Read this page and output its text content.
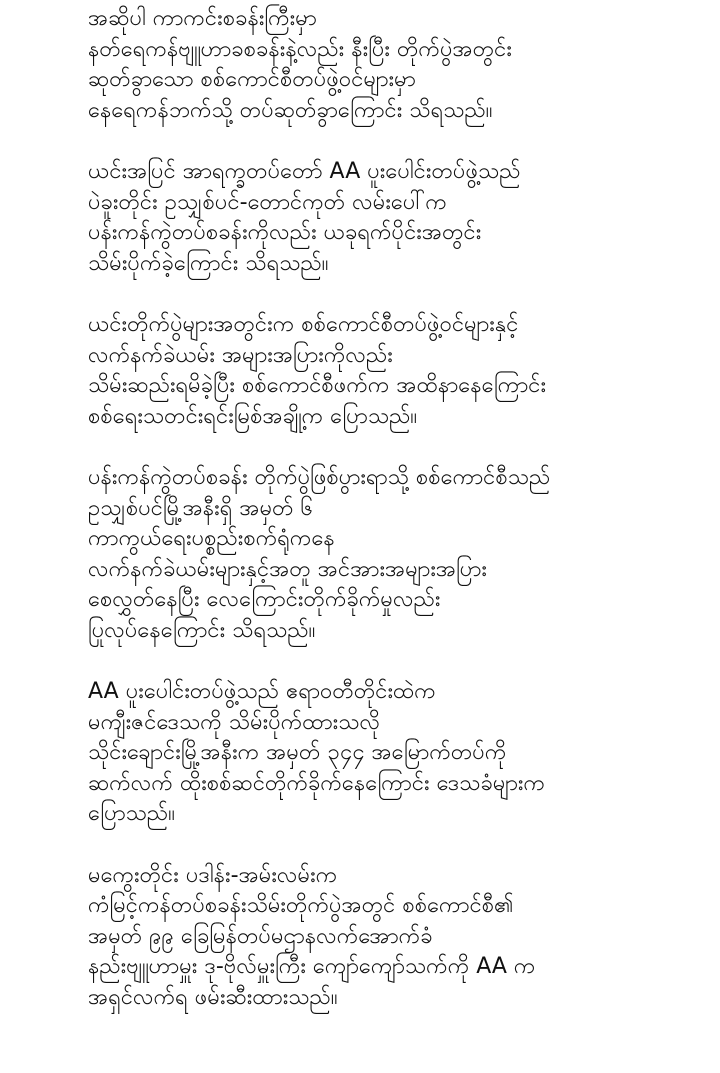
အဆိုပါ ကာကင်းစခန်းကြီးမှာ
နတ်ရေကန်ဗျူဟာခစခန်းနဲ့လည်း နီးပြီး တိုက်ပွဲအတွင်း
ဆုတ်ခွာသော စစ်ကောင်စီတပ်ဖွဲ့ဝင်များမှာ
နေရေကန်ဘက်သို့ တပ်ဆုတ်ခွာကြောင်း သိရသည်။

ယင်းအပြင် အာရက္ခတပ်တော် AA ပူးပေါင်းတပ်ဖွဲ့သည်
ပဲခူးတိုင်း ဥသျှစ်ပင်-တောင်ကုတ် လမ်းပေါ်က
ပန်းကန်ကွဲတပ်စခန်းကိုလည်း ယခုရက်ပိုင်းအတွင်း
သိမ်းပိုက်ခဲ့ကြောင်း သိရသည်။

ယင်းတိုက်ပွဲများအတွင်းက စစ်ကောင်စီတပ်ဖွဲ့ဝင်များနှင့်
လက်နက်ခဲယမ်း အများအပြားကိုလည်း
သိမ်းဆည်းရမိခဲ့ပြီး စစ်ကောင်စီဖက်က အထိနာနေကြောင်း
စစ်ရေးသတင်းရင်းမြစ်အချို့က ပြောသည်။

ပန်းကန်ကွဲတပ်စခန်း တိုက်ပွဲဖြစ်ပွားရာသို့ စစ်ကောင်စီသည်
ဥသျှစ်ပင်မြို့အနီးရှိ အမှတ် ၆
ကာကွယ်ရေးပစ္စည်းစက်ရုံကနေ
လက်နက်ခဲယမ်းများနှင့်အတူ အင်အားအများအပြား
စေလွှတ်နေပြီး လေကြောင်းတိုက်ခိုက်မှုလည်း
ပြုလုပ်နေကြောင်း သိရသည်။

AA ပူးပေါင်းတပ်ဖွဲ့သည် ဧရာဝတီတိုင်းထဲက
မကျီးဇင်ဒေသကို သိမ်းပိုက်ထားသလို
သိုင်းချောင်းမြို့အနီးက အမှတ် ၃၄၄ အမြောက်တပ်ကို
ဆက်လက် ထိုးစစ်ဆင်တိုက်ခိုက်နေကြောင်း ဒေသခံများက
ပြောသည်။

မကွေးတိုင်း ပဒါန်း-အမ်းလမ်းက
ကံမြင့်ကန်တပ်စခန်းသိမ်းတိုက်ပွဲအတွင် စစ်ကောင်စီ၏
အမှတ် ၉၉ ခြေမြန်တပ်မဌာနလက်အောက်ခံ
နည်းဗျူဟာမှူး ဒု-ဗိုလ်မှူးကြီး ကျော်ကျော်သက်ကို AA က
အရှင်လက်ရ ဖမ်းဆီးထားသည်။
